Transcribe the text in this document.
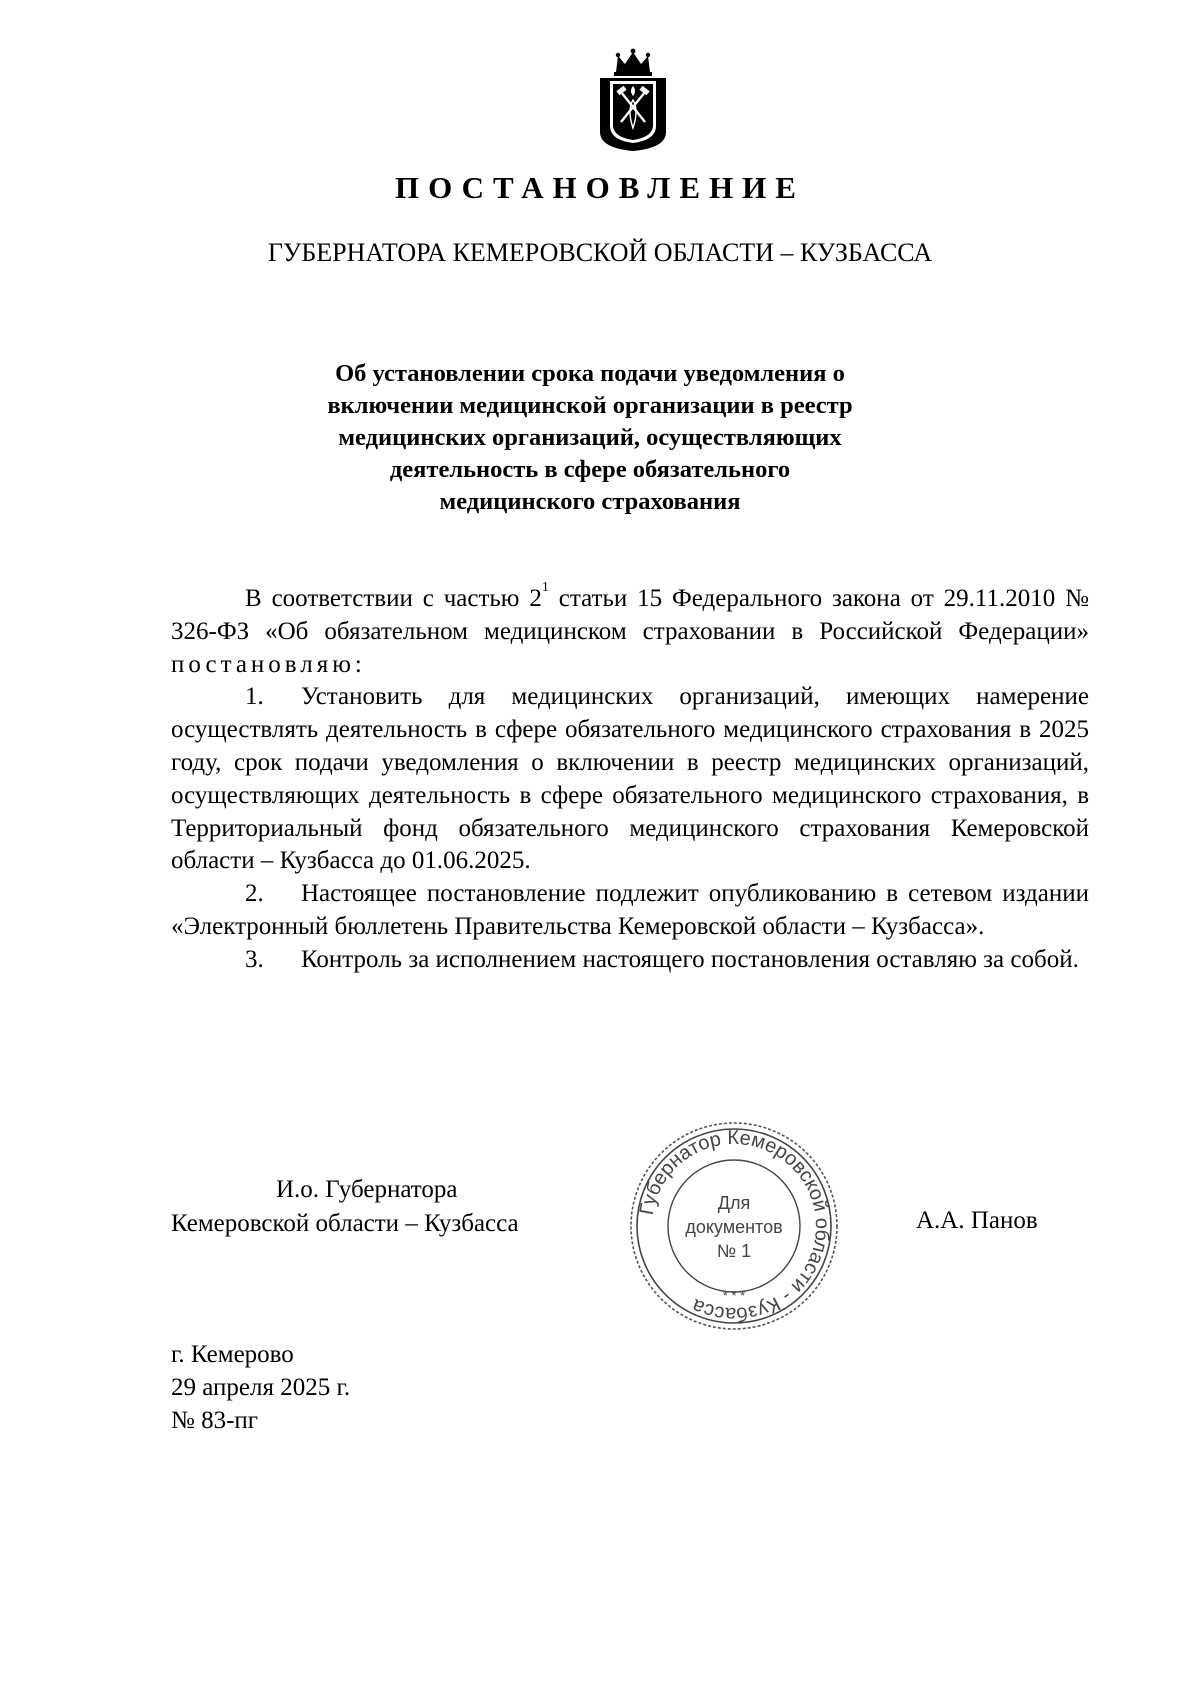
ПОСТАНОВЛЕНИЕ
ГУБЕРНАТОРА КЕМЕРОВСКОЙ ОБЛАСТИ – КУЗБАССА
Об установлении срока подачи уведомления о
включении медицинской организации в реестр
медицинских организаций, осуществляющих
деятельность в сфере обязательного
медицинского страхования

В соответствии с частью $2^1$ статьи 15 Федерального закона от 29.11.2010 № 326-ФЗ «Об обязательном медицинском страховании в Российской Федерации» постановляю:

1. Установить для медицинских организаций, имеющих намерение осуществлять деятельность в сфере обязательного медицинского страхования в 2025 году, срок подачи уведомления о включении в реестр медицинских организаций, осуществляющих деятельность в сфере обязательного медицинского страхования, в Территориальный фонд обязательного медицинского страхования Кемеровской области – Кузбасса до 01.06.2025.

2. Настоящее постановление подлежит опубликованию в сетевом издании «Электронный бюллетень Правительства Кемеровской области – Кузбасса».

3. Контроль за исполнением настоящего постановления оставляю за собой.

И.о. Губернатора
Кемеровской области – Кузбасса
Губернатор Кемеровской области - Кузбасса
Для
документов
№ 1
* * *
А.А. Панов
г. Кемерово
29 апреля 2025 г.
№ 83-пг
